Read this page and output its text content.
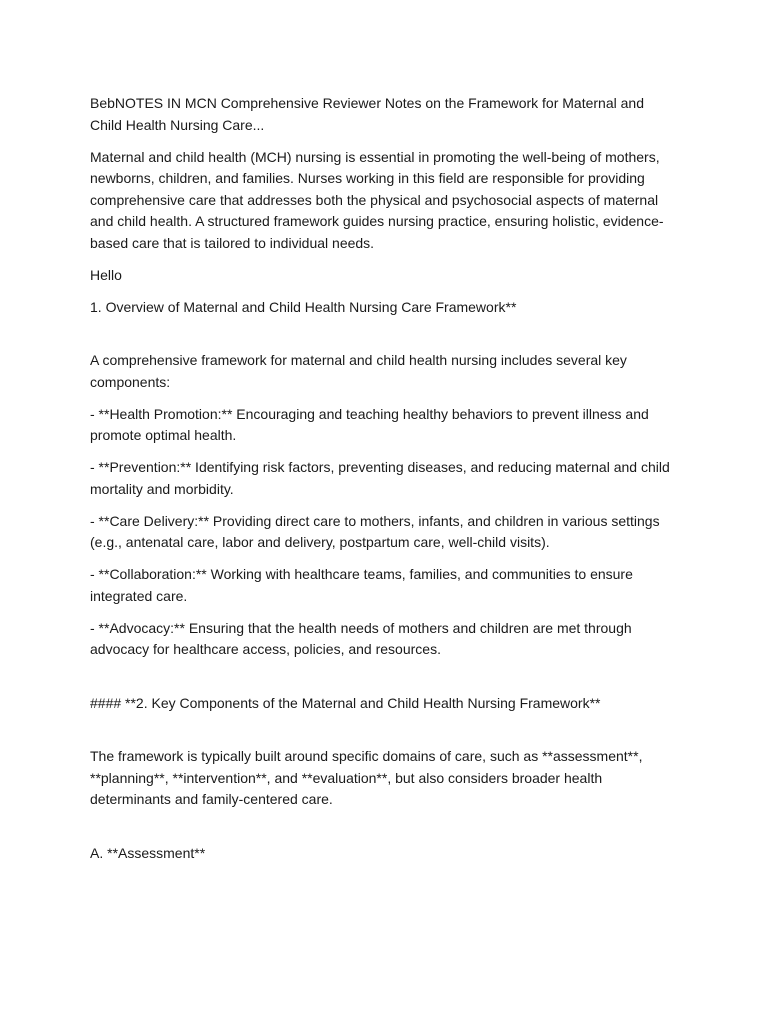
BebNOTES IN MCN Comprehensive Reviewer Notes on the Framework for Maternal and Child Health Nursing Care...

Maternal and child health (MCH) nursing is essential in promoting the well-being of mothers, newborns, children, and families. Nurses working in this field are responsible for providing comprehensive care that addresses both the physical and psychosocial aspects of maternal and child health. A structured framework guides nursing practice, ensuring holistic, evidence-based care that is tailored to individual needs.

Hello

1. Overview of Maternal and Child Health Nursing Care Framework**

A comprehensive framework for maternal and child health nursing includes several key components:

- **Health Promotion:** Encouraging and teaching healthy behaviors to prevent illness and promote optimal health.

- **Prevention:** Identifying risk factors, preventing diseases, and reducing maternal and child mortality and morbidity.

- **Care Delivery:** Providing direct care to mothers, infants, and children in various settings (e.g., antenatal care, labor and delivery, postpartum care, well-child visits).

- **Collaboration:** Working with healthcare teams, families, and communities to ensure integrated care.

- **Advocacy:** Ensuring that the health needs of mothers and children are met through advocacy for healthcare access, policies, and resources.

#### **2. Key Components of the Maternal and Child Health Nursing Framework**

The framework is typically built around specific domains of care, such as **assessment**, **planning**, **intervention**, and **evaluation**, but also considers broader health determinants and family-centered care.

A. **Assessment**
